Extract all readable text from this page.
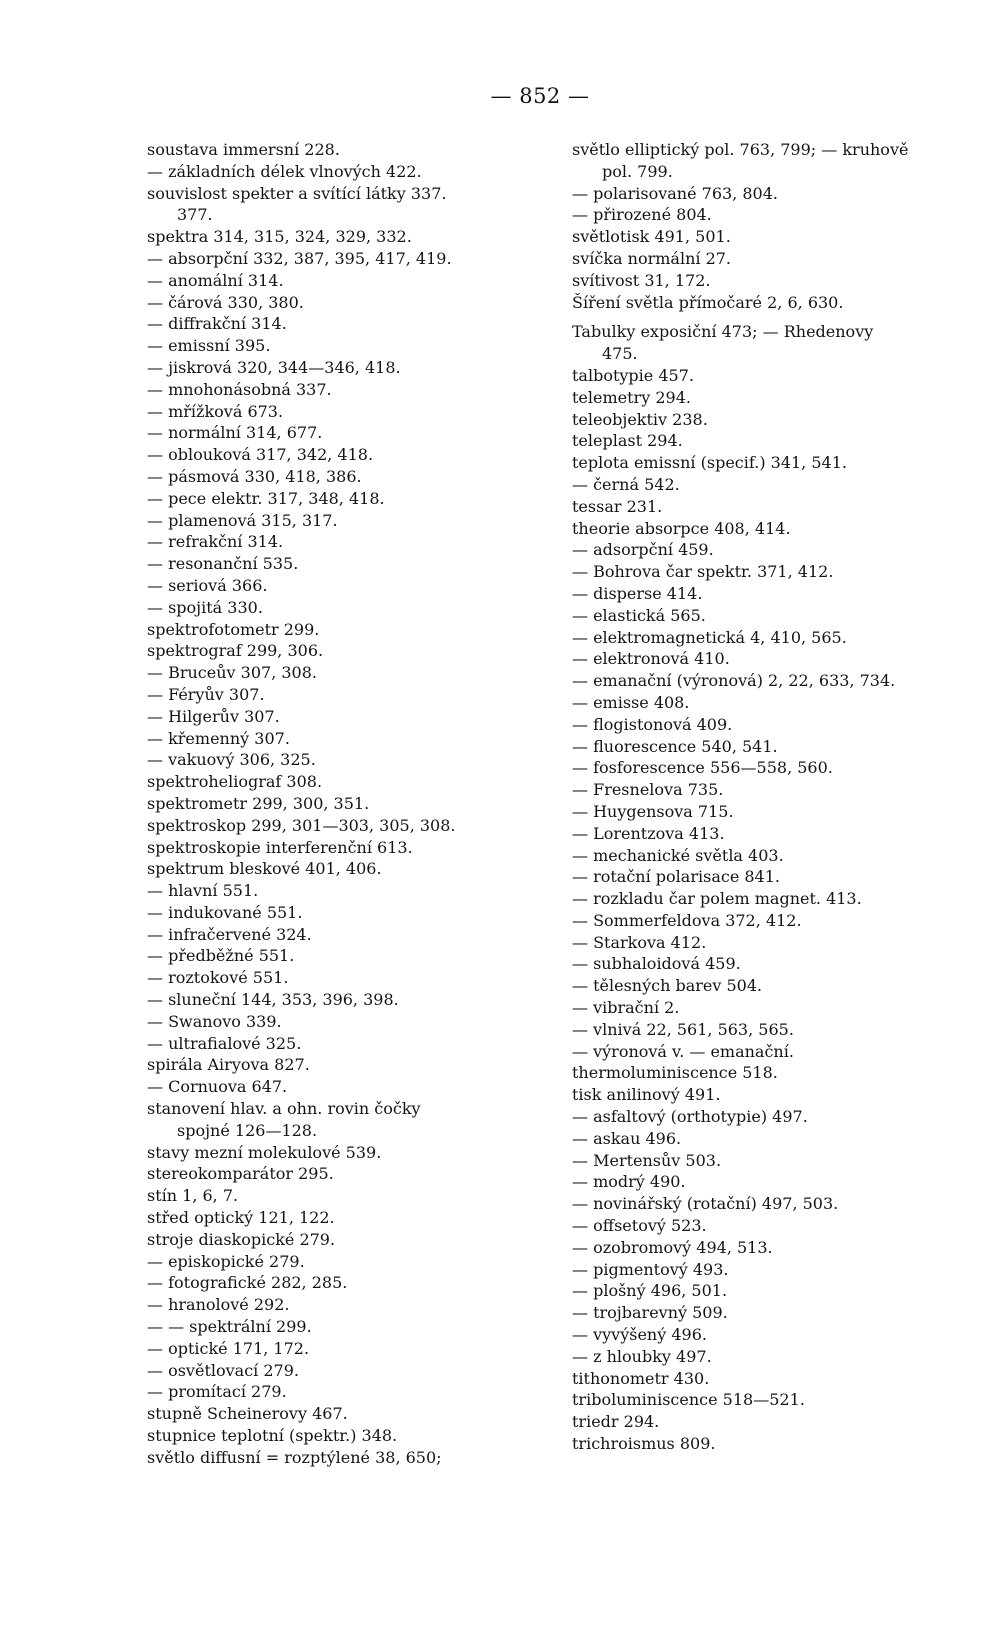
— 852 —
soustava immersní 228.
— základních délek vlnových 422.
souvislost spekter a svítící látky 337.
377.
spektra 314, 315, 324, 329, 332.
— absorpční 332, 387, 395, 417, 419.
— anomální 314.
— čárová 330, 380.
— diffrakční 314.
— emissní 395.
— jiskrová 320, 344—346, 418.
— mnohonásobná 337.
— mřížková 673.
— normální 314, 677.
— oblouková 317, 342, 418.
— pásmová 330, 418, 386.
— pece elektr. 317, 348, 418.
— plamenová 315, 317.
— refrakční 314.
— resonanční 535.
— seriová 366.
— spojitá 330.
spektrofotometr 299.
spektrograf 299, 306.
— Bruceův 307, 308.
— Féryův 307.
— Hilgerův 307.
— křemenný 307.
— vakuový 306, 325.
spektroheliograf 308.
spektrometr 299, 300, 351.
spektroskop 299, 301—303, 305, 308.
spektroskopie interferenční 613.
spektrum bleskové 401, 406.
— hlavní 551.
— indukované 551.
— infračervené 324.
— předběžné 551.
— roztokové 551.
— sluneční 144, 353, 396, 398.
— Swanovo 339.
— ultrafialové 325.
spirála Airyova 827.
— Cornuova 647.
stanovení hlav. a ohn. rovin čočky
spojné 126—128.
stavy mezní molekulové 539.
stereokomparátor 295.
stín 1, 6, 7.
střed optický 121, 122.
stroje diaskopické 279.
— episkopické 279.
— fotografické 282, 285.
— hranolové 292.
— — spektrální 299.
— optické 171, 172.
— osvětlovací 279.
— promítací 279.
stupně Scheinerovy 467.
stupnice teplotní (spektr.) 348.
světlo diffusní = rozptýlené 38, 650;
světlo elliptický pol. 763, 799; — kruhově
pol. 799.
— polarisované 763, 804.
— přirozené 804.
světlotisk 491, 501.
svíčka normální 27.
svítivost 31, 172.
Šíření světla přímočaré 2, 6, 630.
Tabulky exposiční 473; — Rhedenovy
475.
talbotypie 457.
telemetry 294.
teleobjektiv 238.
teleplast 294.
teplota emissní (specif.) 341, 541.
— černá 542.
tessar 231.
theorie absorpce 408, 414.
— adsorpční 459.
— Bohrova čar spektr. 371, 412.
— disperse 414.
— elastická 565.
— elektromagnetická 4, 410, 565.
— elektronová 410.
— emanační (výronová) 2, 22, 633, 734.
— emisse 408.
— flogistonová 409.
— fluorescence 540, 541.
— fosforescence 556—558, 560.
— Fresnelova 735.
— Huygensova 715.
— Lorentzova 413.
— mechanické světla 403.
— rotační polarisace 841.
— rozkladu čar polem magnet. 413.
— Sommerfeldova 372, 412.
— Starkova 412.
— subhaloidová 459.
— tělesných barev 504.
— vibrační 2.
— vlnivá 22, 561, 563, 565.
— výronová v. — emanační.
thermoluminiscence 518.
tisk anilinový 491.
— asfaltový (orthotypie) 497.
— askau 496.
— Mertensův 503.
— modrý 490.
— novinářský (rotační) 497, 503.
— offsetový 523.
— ozobromový 494, 513.
— pigmentový 493.
— plošný 496, 501.
— trojbarevný 509.
— vyvýšený 496.
— z hloubky 497.
tithonometr 430.
triboluminiscence 518—521.
triedr 294.
trichroismus 809.
